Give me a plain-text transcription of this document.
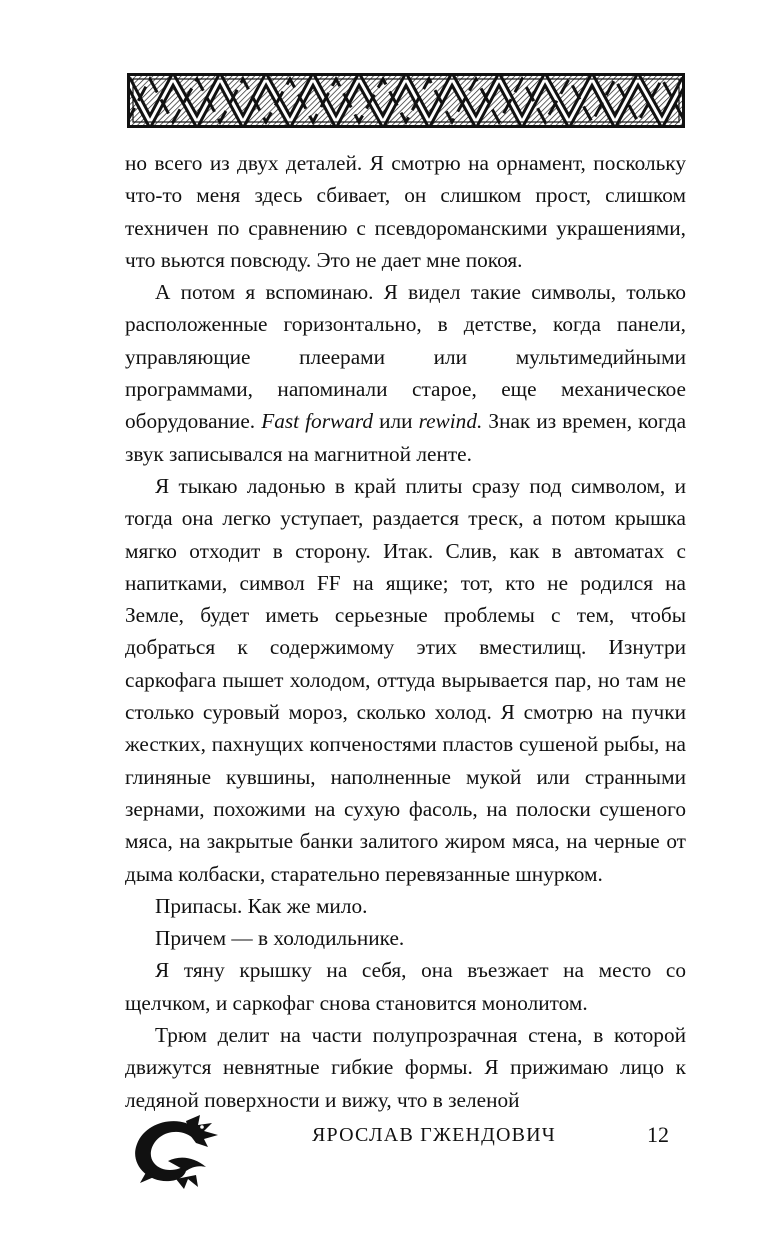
но всего из двух деталей. Я смотрю на орнамент, поскольку что-то меня здесь сбивает, он слишком прост, слишком техничен по сравнению с псевдороманскими украшениями, что вьются повсюду. Это не дает мне покоя.

А потом я вспоминаю. Я видел такие символы, только расположенные горизонтально, в детстве, когда панели, управляющие плеерами или мультимедийными программами, напоминали старое, еще механическое оборудование. Fast forward или rewind. Знак из времен, когда звук записывался на магнитной ленте.

Я тыкаю ладонью в край плиты сразу под символом, и тогда она легко уступает, раздается треск, а потом крышка мягко отходит в сторону. Итак. Слив, как в автоматах с напитками, символ FF на ящике; тот, кто не родился на Земле, будет иметь серьезные проблемы с тем, чтобы добраться к содержимому этих вместилищ. Изнутри саркофага пышет холодом, оттуда вырывается пар, но там не столько суровый мороз, сколько холод. Я смотрю на пучки жестких, пахнущих копченостями пластов сушеной рыбы, на глиняные кувшины, наполненные мукой или странными зернами, похожими на сухую фасоль, на полоски сушеного мяса, на закрытые банки залитого жиром мяса, на черные от дыма колбаски, старательно перевязанные шнурком.

Припасы. Как же мило.

Причем — в холодильнике.

Я тяну крышку на себя, она въезжает на место со щелчком, и саркофаг снова становится монолитом.

Трюм делит на части полупрозрачная стена, в которой движутся невнятные гибкие формы. Я прижимаю лицо к ледяной поверхности и вижу, что в зеленой

ЯРОСЛАВ ГЖЕНДОВИЧ	12
